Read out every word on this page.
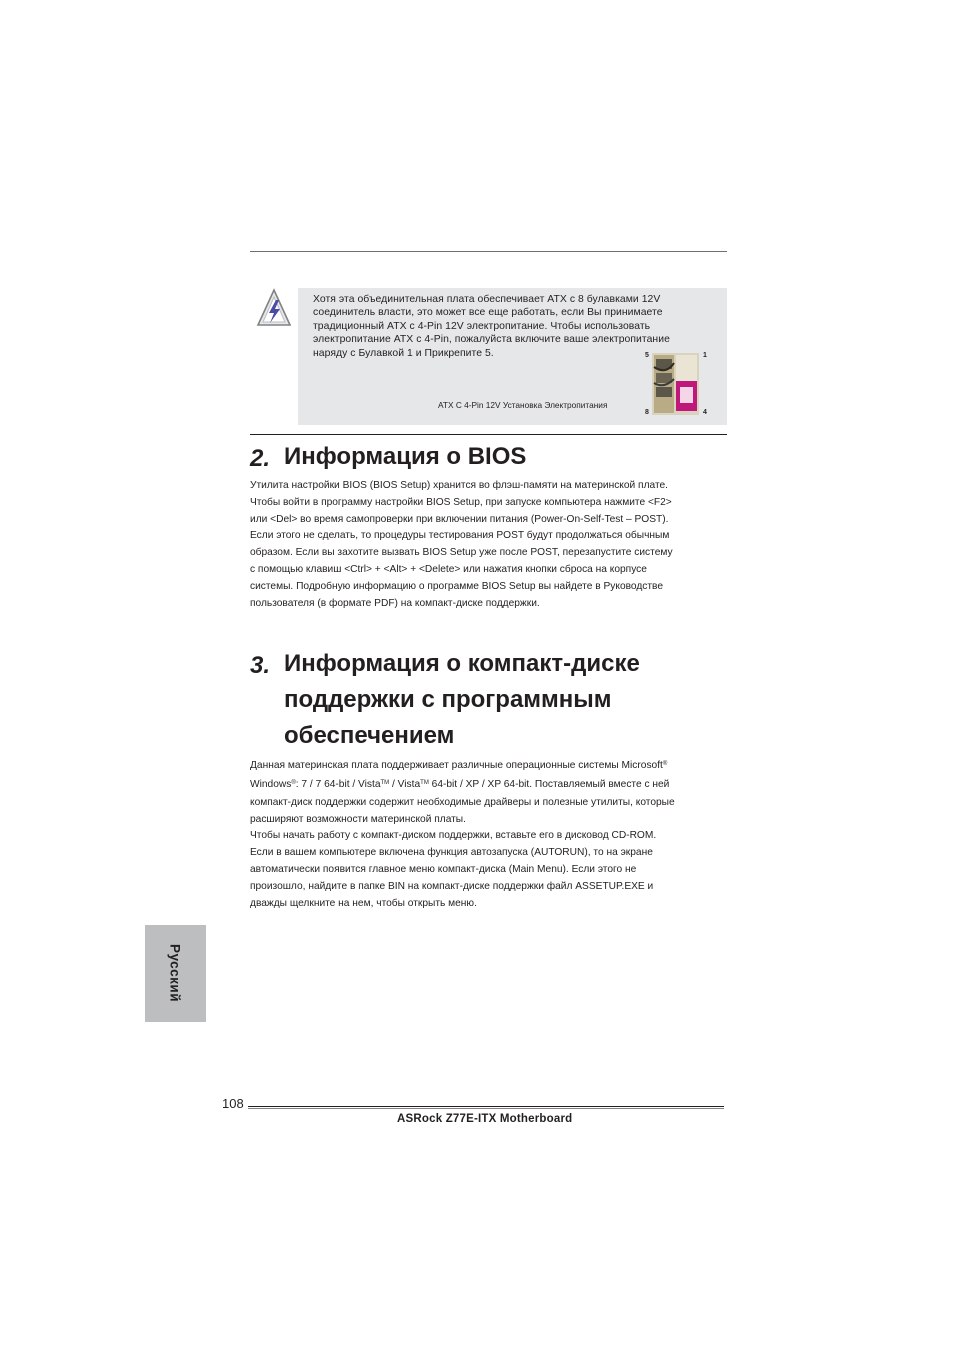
Хотя эта объединительная плата обеспечивает ATX с 8 булавками 12V
соединитель власти, это может все еще работать, если Вы принимаете
традиционный ATX с 4-Pin 12V электропитание. Чтобы использовать
электропитание ATX с 4-Pin, пожалуйста включите ваше электропитание
наряду с Булавкой 1 и Прикрепите 5.	5	1
8	4
ATX C 4-Pin 12V Установка Электропитания
2. Информация о BIOS
Утилита настройки BIOS (BIOS Setup) хранится во флэш-памяти на материнской плате.
Чтобы войти в программу настройки BIOS Setup, при запуске компьютера нажмите <F2>
или <Del> во время самопроверки при включении питания (Power-On-Self-Test – POST).
Если этого не сделать, то процедуры тестирования POST будут продолжаться обычным
образом. Если вы захотите вызвать BIOS Setup уже после POST, перезапустите систему
с помощью клавиш <Ctrl> + <Alt> + <Delete> или нажатия кнопки сброса на корпусе
системы. Подробную информацию о программе BIOS Setup вы найдете в Руководстве
пользователя (в формате PDF) на компакт-диске поддержки.
3. Информация о компакт-диске
поддержки с программным
обеспечением
Данная материнская плата поддерживает различные операционные системы Microsoft®
Windows®: 7 / 7 64-bit / Vista™ / Vista™ 64-bit / XP / XP 64-bit. Поставляемый вместе с ней
компакт-диск поддержки содержит необходимые драйверы и полезные утилиты, которые
расширяют возможности материнской платы.
Чтобы начать работу с компакт-диском поддержки, вставьте его в дисковод CD-ROM.
Если в вашем компьютере включена функция автозапуска (AUTORUN), то на экране
автоматически появится главное меню компакт-диска (Main Menu). Если этого не
произошло, найдите в папке BIN на компакт-диске поддержки файл ASSETUP.EXE и
дважды щелкните на нем, чтобы открыть меню.
Русский
108
ASRock Z77E-ITX Motherboard
